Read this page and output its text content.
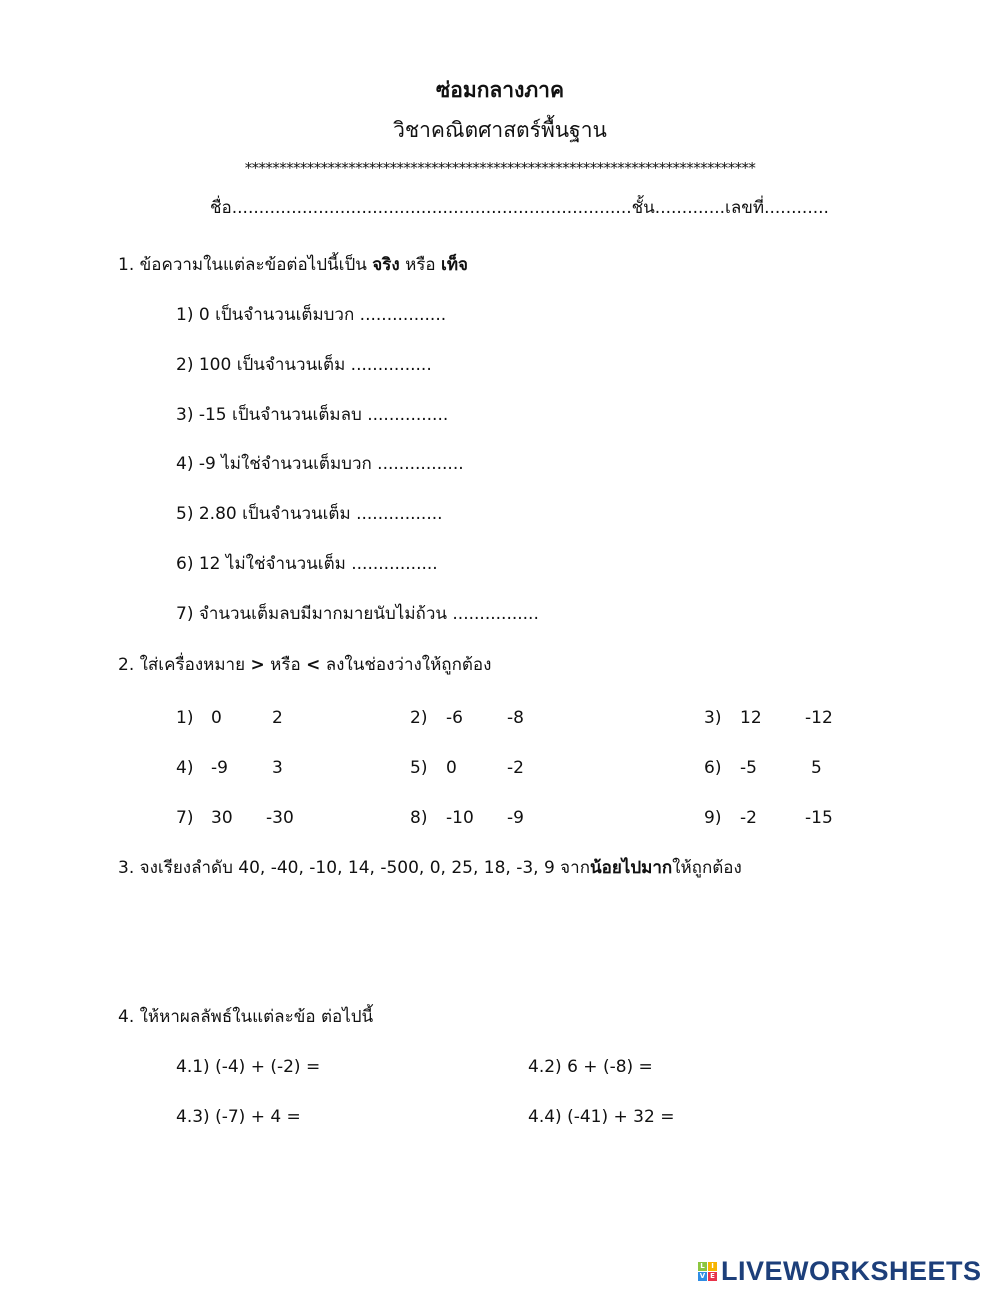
ซ่อมกลางภาค
วิชาคณิตศาสตร์พื้นฐาน
**************************************************************************
ชื่อ..........................................................................ชั้น.............เลขที่............
1. ข้อความในแต่ละข้อต่อไปนี้เป็น จริง หรือ เท็จ
1) 0 เป็นจำนวนเต็มบวก ................
2) 100 เป็นจำนวนเต็ม ...............
3) -15 เป็นจำนวนเต็มลบ ...............
4) -9 ไม่ใช่จำนวนเต็มบวก ................
5) 2.80 เป็นจำนวนเต็ม ................
6) 12 ไม่ใช่จำนวนเต็ม ................
7) จำนวนเต็มลบมีมากมายนับไม่ถ้วน ................
2. ใส่เครื่องหมาย > หรือ < ลงในช่องว่างให้ถูกต้อง
1) 0	2	2) -6	-8	3) 12	-12
4) -9	3	5) 0	-2	6) -5	5
7) 30 -30	8) -10 -9	9) -2	-15
3. จงเรียงลำดับ 40, -40, -10, 14, -500, 0, 25, 18, -3, 9 จากน้อยไปมากให้ถูกต้อง
4. ให้หาผลลัพธ์ในแต่ละข้อ ต่อไปนี้
4.1) (-4) + (-2) =	4.2) 6 + (-8) =
4.3) (-7) + 4 =	4.4) (-41) + 32 =
L I
V E LIVEWORKSHEETS
